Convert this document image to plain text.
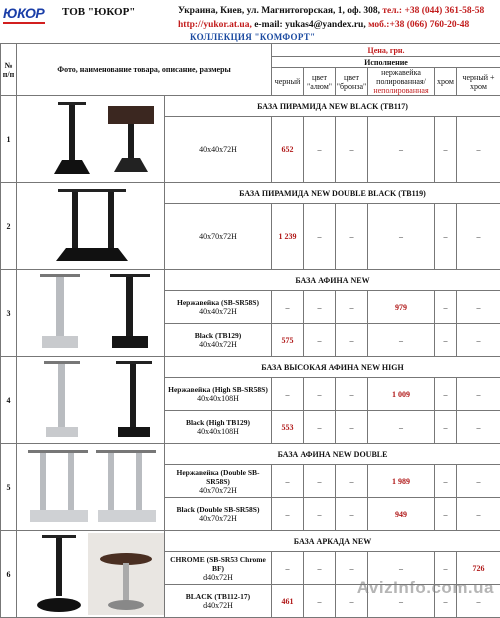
ЮКОР ТОВ "ЮКОР"	Украина, Киев, ул. Магнитогорская, 1, оф. 308, тел.: +38 (044) 361-58-58
http://yukor.at.ua, e-mail: yukas4@yandex.ru, моб.:+38 (066) 760-20-48
КОЛЛЕКЦИЯ "КОМФОРТ"
№ п/п	Фото, наименование товара, описание, размеры		Цена, грн.					
			Исполнение					
			черный	цвет "алюм"	цвет "бронза"	нержавейка полированная/
неполированная	хром	черный + хром
1		БАЗА ПИРАМИДА NEW BLACK (TB117)						
		40x40x72H	652	–	–	–	–	–
2		БАЗА ПИРАМИДА NEW DOUBLE BLACK (TB119)						
		40x70x72H	1 239	–	–	–	–	–
3		БАЗА АФИНА NEW						
		Нержавейка (SB-SR58S)
40x40x72H	–	–	–	979	–	–
		Black (TB129)
40x40x72H	575	–	–	–	–	–
4		БАЗА ВЫСОКАЯ АФИНА NEW HIGH						
		Нержавейка (High SB-SR58S)
40x40x108H	–	–	–	1 009	–	–
		Black (High TB129)
40x40x108H	553	–	–	–	–	–
5		БАЗА АФИНА NEW DOUBLE						
		Нержавейка (Double SB-SR58S)
40x70x72H	–	–	–	1 989	–	–
		Black (Double SB-SR58S)
40x70x72H	–	–	–	949	–	–
6		БАЗА АРКАДА NEW						
		CHROME (SB-SR53 Chrome BF)
d40x72H	–	–	–	–	–	726
		BLACK (TB112-17)
d40x72H	461	–	–	–	–	–
AvizInfo.com.ua
